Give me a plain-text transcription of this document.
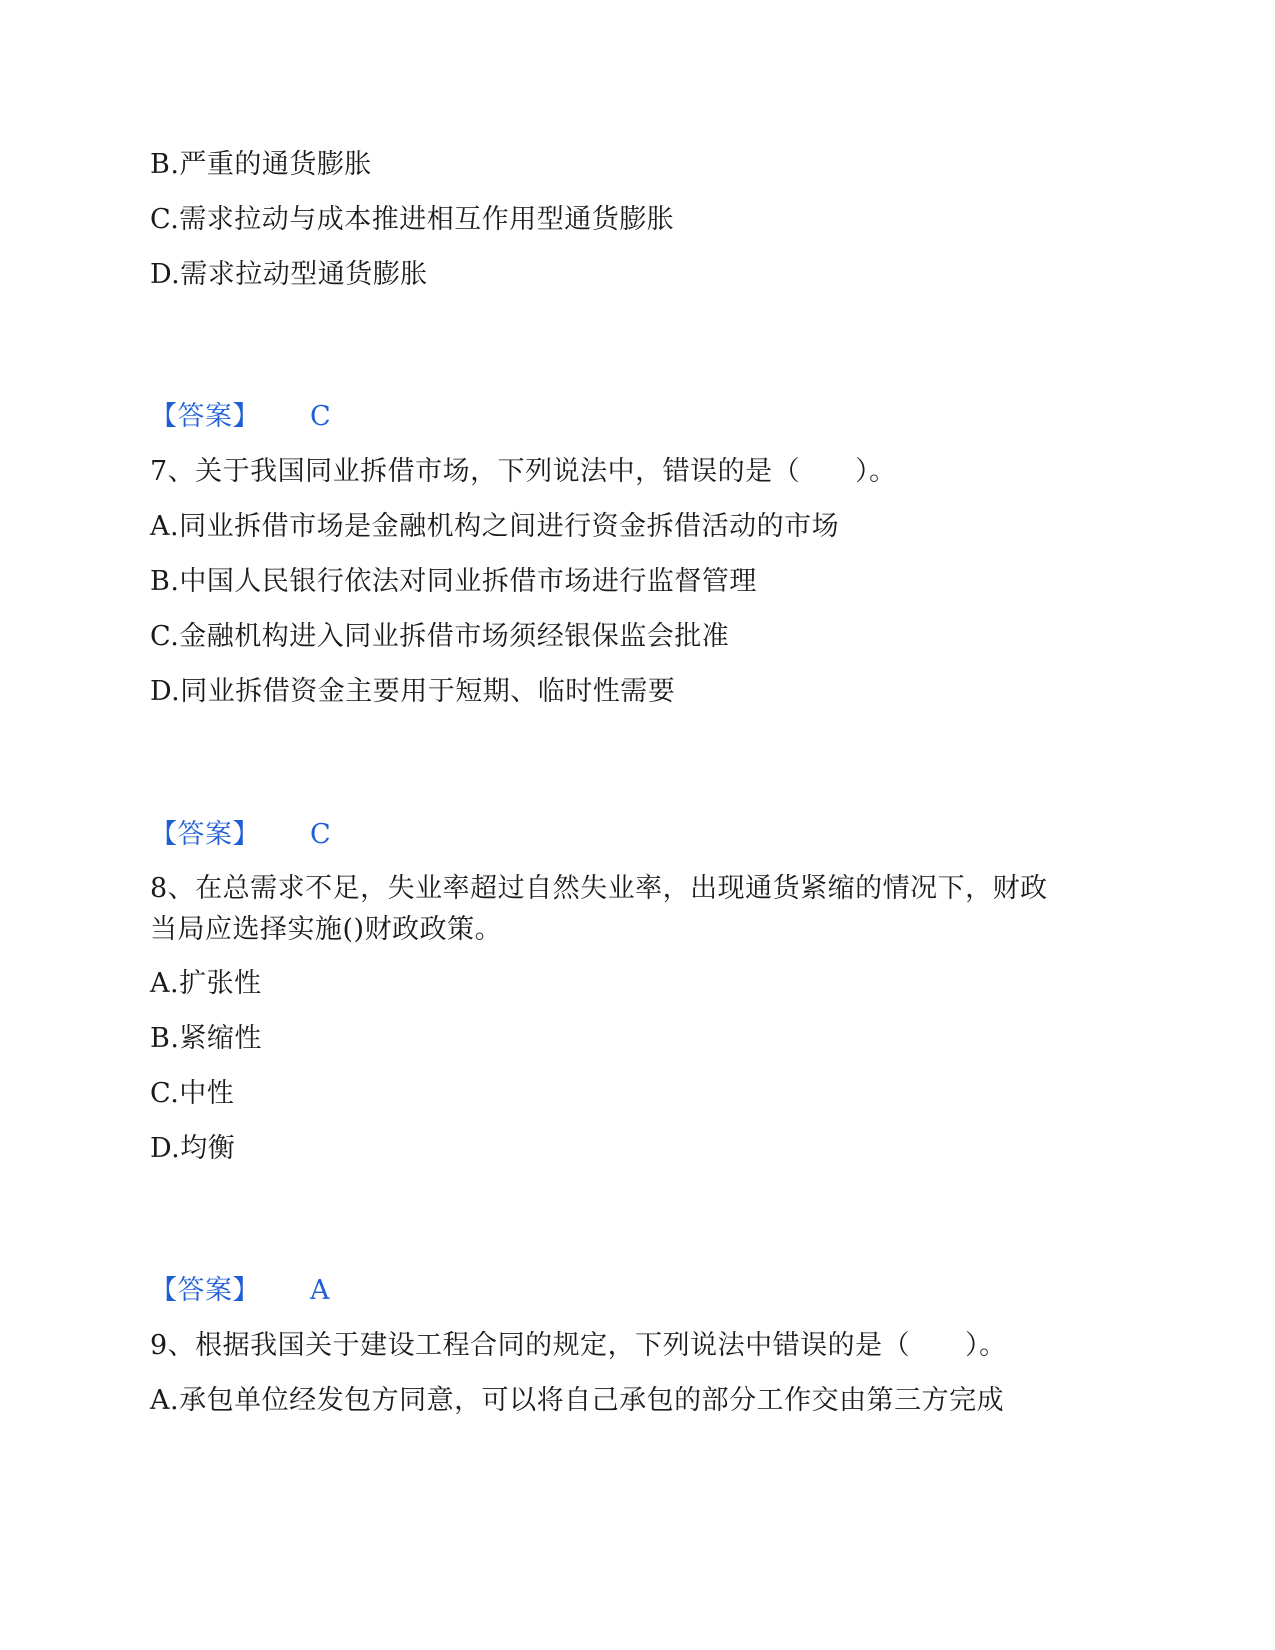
B.严重的通货膨胀
C.需求拉动与成本推进相互作用型通货膨胀
D.需求拉动型通货膨胀
【答案】 C
7、关于我国同业拆借市场，下列说法中，错误的是（　　）。
A.同业拆借市场是金融机构之间进行资金拆借活动的市场
B.中国人民银行依法对同业拆借市场进行监督管理
C.金融机构进入同业拆借市场须经银保监会批准
D.同业拆借资金主要用于短期、临时性需要
【答案】 C
8、在总需求不足，失业率超过自然失业率，出现通货紧缩的情况下，财政
当局应选择实施()财政政策。
A.扩张性
B.紧缩性
C.中性
D.均衡
【答案】 A
9、根据我国关于建设工程合同的规定，下列说法中错误的是（　　）。
A.承包单位经发包方同意，可以将自己承包的部分工作交由第三方完成
